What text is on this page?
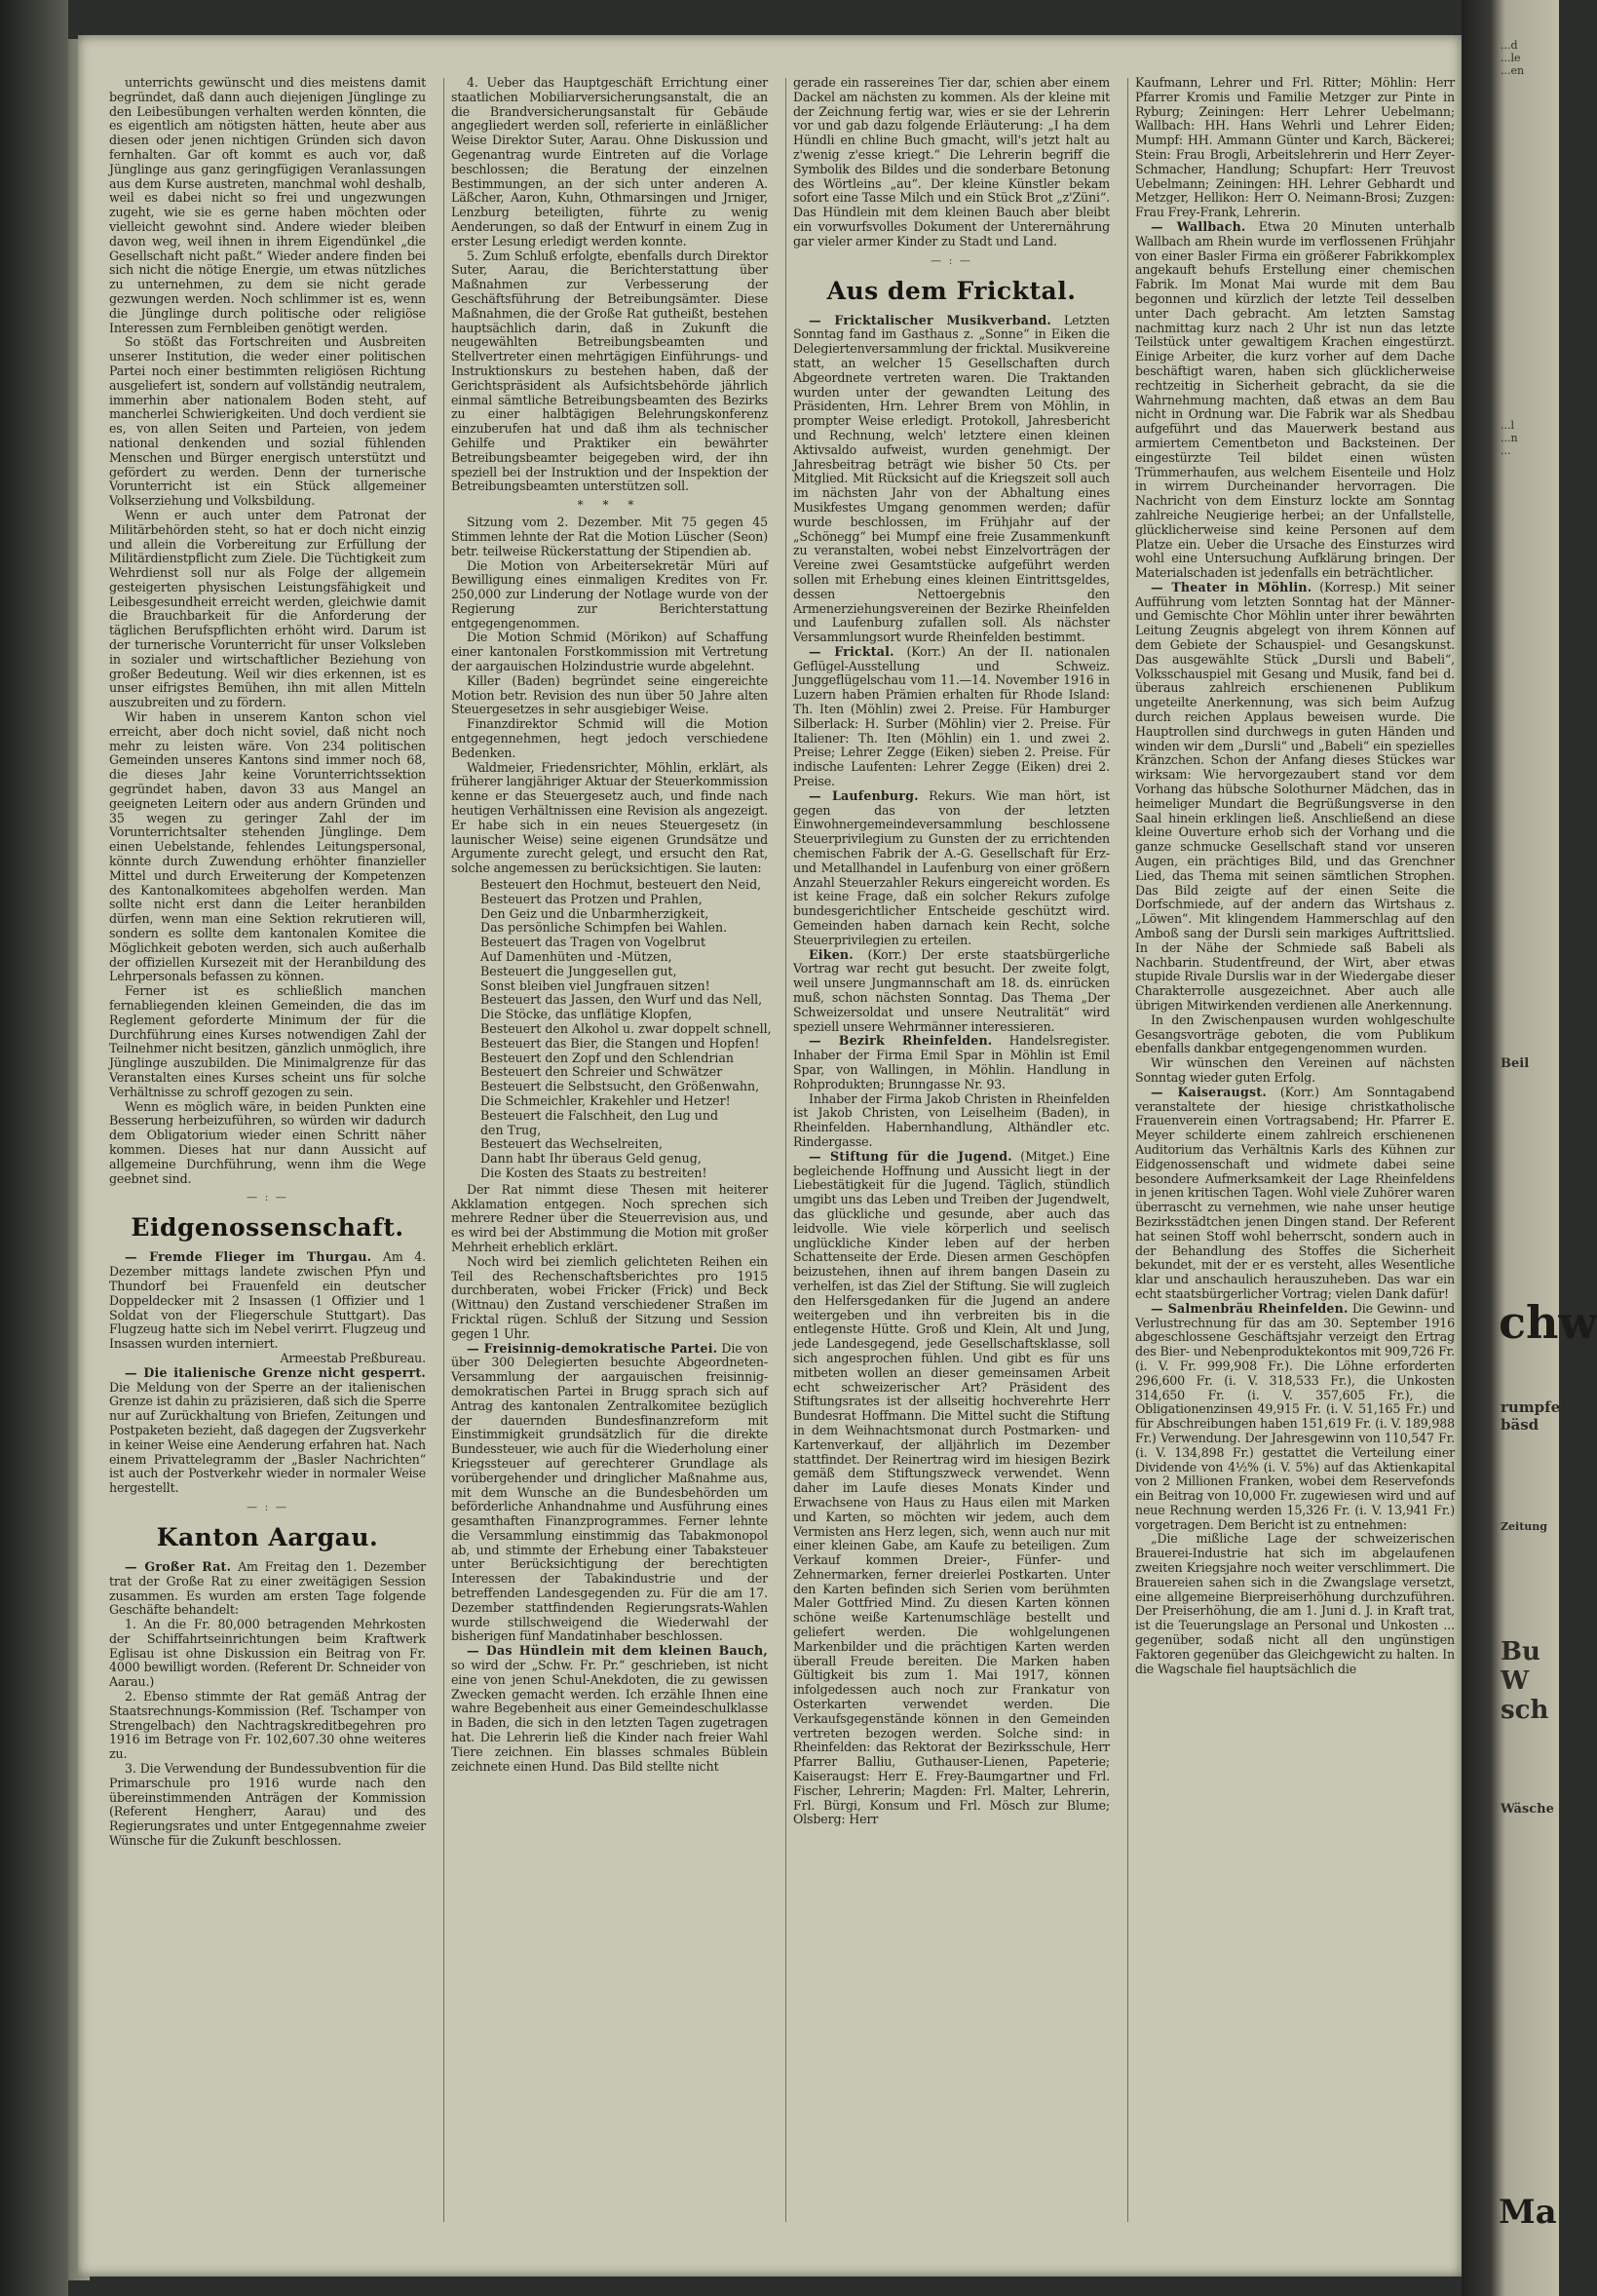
unterrichts gewünscht und dies meistens damit begründet, daß dann auch diejenigen Jünglinge zu den Leibesübungen verhalten werden könnten, die es eigentlich am nötigsten hätten, heute aber aus diesen oder jenen nichtigen Gründen sich davon fernhalten. Gar oft kommt es auch vor, daß Jünglinge aus ganz geringfügigen Veranlassungen aus dem Kurse austreten, manchmal wohl deshalb, weil es dabei nicht so frei und ungezwungen zugeht, wie sie es gerne haben möchten oder vielleicht gewohnt sind. Andere wieder bleiben davon weg, weil ihnen in ihrem Eigendünkel „die Gesellschaft nicht paßt.“ Wieder andere finden bei sich nicht die nötige Energie, um etwas nützliches zu unternehmen, zu dem sie nicht gerade gezwungen werden. Noch schlimmer ist es, wenn die Jünglinge durch politische oder religiöse Interessen zum Fernbleiben genötigt werden.

So stößt das Fortschreiten und Ausbreiten unserer Institution, die weder einer politischen Partei noch einer bestimmten religiösen Richtung ausgeliefert ist, sondern auf vollständig neutralem, immerhin aber nationalem Boden steht, auf mancherlei Schwierigkeiten. Und doch verdient sie es, von allen Seiten und Parteien, von jedem national denkenden und sozial fühlenden Menschen und Bürger energisch unterstützt und gefördert zu werden. Denn der turnerische Vorunterricht ist ein Stück allgemeiner Volkserziehung und Volksbildung.

Wenn er auch unter dem Patronat der Militärbehörden steht, so hat er doch nicht einzig und allein die Vorbereitung zur Erfüllung der Militärdienstpflicht zum Ziele. Die Tüchtigkeit zum Wehrdienst soll nur als Folge der allgemein gesteigerten physischen Leistungsfähigkeit und Leibesgesundheit erreicht werden, gleichwie damit die Brauchbarkeit für die Anforderung der täglichen Berufspflichten erhöht wird. Darum ist der turnerische Vorunterricht für unser Volksleben in sozialer und wirtschaftlicher Beziehung von großer Bedeutung. Weil wir dies erkennen, ist es unser eifrigstes Bemühen, ihn mit allen Mitteln auszubreiten und zu fördern.

Wir haben in unserem Kanton schon viel erreicht, aber doch nicht soviel, daß nicht noch mehr zu leisten wäre. Von 234 politischen Gemeinden unseres Kantons sind immer noch 68, die dieses Jahr keine Vorunterrichtssektion gegründet haben, davon 33 aus Mangel an geeigneten Leitern oder aus andern Gründen und 35 wegen zu geringer Zahl der im Vorunterrichtsalter stehenden Jünglinge. Dem einen Uebelstande, fehlendes Leitungspersonal, könnte durch Zuwendung erhöhter finanzieller Mittel und durch Erweiterung der Kompetenzen des Kantonalkomitees abgeholfen werden. Man sollte nicht erst dann die Leiter heranbilden dürfen, wenn man eine Sektion rekrutieren will, sondern es sollte dem kantonalen Komitee die Möglichkeit geboten werden, sich auch außerhalb der offiziellen Kursezeit mit der Heranbildung des Lehrpersonals befassen zu können.

Ferner ist es schließlich manchen fernabliegenden kleinen Gemeinden, die das im Reglement geforderte Minimum der für die Durchführung eines Kurses notwendigen Zahl der Teilnehmer nicht besitzen, gänzlich unmöglich, ihre Jünglinge auszubilden. Die Minimalgrenze für das Veranstalten eines Kurses scheint uns für solche Verhältnisse zu schroff gezogen zu sein.

Wenn es möglich wäre, in beiden Punkten eine Besserung herbeizuführen, so würden wir dadurch dem Obligatorium wieder einen Schritt näher kommen. Dieses hat nur dann Aussicht auf allgemeine Durchführung, wenn ihm die Wege geebnet sind.

— : —
Eidgenossenschaft.

— Fremde Flieger im Thurgau. Am 4. Dezember mittags landete zwischen Pfyn und Thundorf bei Frauenfeld ein deutscher Doppeldecker mit 2 Insassen (1 Offizier und 1 Soldat von der Fliegerschule Stuttgart). Das Flugzeug hatte sich im Nebel verirrt. Flugzeug und Insassen wurden interniert.

Armeestab Preßbureau.

— Die italienische Grenze nicht gesperrt. Die Meldung von der Sperre an der italienischen Grenze ist dahin zu präzisieren, daß sich die Sperre nur auf Zurückhaltung von Briefen, Zeitungen und Postpaketen bezieht, daß dagegen der Zugsverkehr in keiner Weise eine Aenderung erfahren hat. Nach einem Privattelegramm der „Basler Nachrichten“ ist auch der Postverkehr wieder in normaler Weise hergestellt.

— : —
Kanton Aargau.

— Großer Rat. Am Freitag den 1. Dezember trat der Große Rat zu einer zweitägigen Session zusammen. Es wurden am ersten Tage folgende Geschäfte behandelt:

1. An die Fr. 80,000 betragenden Mehrkosten der Schiffahrtseinrichtungen beim Kraftwerk Eglisau ist ohne Diskussion ein Beitrag von Fr. 4000 bewilligt worden. (Referent Dr. Schneider von Aarau.)

2. Ebenso stimmte der Rat gemäß Antrag der Staatsrechnungs-Kommission (Ref. Tschamper von Strengelbach) den Nachtragskreditbegehren pro 1916 im Betrage von Fr. 102,607.30 ohne weiteres zu.

3. Die Verwendung der Bundessubvention für die Primarschule pro 1916 wurde nach den übereinstimmenden Anträgen der Kommission (Referent Hengherr, Aarau) und des Regierungsrates und unter Entgegennahme zweier Wünsche für die Zukunft beschlossen.

4. Ueber das Hauptgeschäft Errichtung einer staatlichen Mobiliarversicherungsanstalt, die an die Brandversicherungsanstalt für Gebäude angegliedert werden soll, referierte in einläßlicher Weise Direktor Suter, Aarau. Ohne Diskussion und Gegenantrag wurde Eintreten auf die Vorlage beschlossen; die Beratung der einzelnen Bestimmungen, an der sich unter anderen A. Läßcher, Aaron, Kuhn, Othmarsingen und Jrniger, Lenzburg beteiligten, führte zu wenig Aenderungen, so daß der Entwurf in einem Zug in erster Lesung erledigt werden konnte.

5. Zum Schluß erfolgte, ebenfalls durch Direktor Suter, Aarau, die Berichterstattung über Maßnahmen zur Verbesserung der Geschäftsführung der Betreibungsämter. Diese Maßnahmen, die der Große Rat gutheißt, bestehen hauptsächlich darin, daß in Zukunft die neugewählten Betreibungsbeamten und Stellvertreter einen mehrtägigen Einführungs- und Instruktionskurs zu bestehen haben, daß der Gerichtspräsident als Aufsichtsbehörde jährlich einmal sämtliche Betreibungsbeamten des Bezirks zu einer halbtägigen Belehrungskonferenz einzuberufen hat und daß ihm als technischer Gehilfe und Praktiker ein bewährter Betreibungsbeamter beigegeben wird, der ihn speziell bei der Instruktion und der Inspektion der Betreibungsbeamten unterstützen soll.

* * *

Sitzung vom 2. Dezember. Mit 75 gegen 45 Stimmen lehnte der Rat die Motion Lüscher (Seon) betr. teilweise Rückerstattung der Stipendien ab.

Die Motion von Arbeitersekretär Müri auf Bewilligung eines einmaligen Kredites von Fr. 250,000 zur Linderung der Notlage wurde von der Regierung zur Berichterstattung entgegengenommen.

Die Motion Schmid (Mörikon) auf Schaffung einer kantonalen Forstkommission mit Vertretung der aargauischen Holzindustrie wurde abgelehnt.

Killer (Baden) begründet seine eingereichte Motion betr. Revision des nun über 50 Jahre alten Steuergesetzes in sehr ausgiebiger Weise.

Finanzdirektor Schmid will die Motion entgegennehmen, hegt jedoch verschiedene Bedenken.

Waldmeier, Friedensrichter, Möhlin, erklärt, als früherer langjähriger Aktuar der Steuerkommission kenne er das Steuergesetz auch, und finde nach heutigen Verhältnissen eine Revision als angezeigt. Er habe sich in ein neues Steuergesetz (in launischer Weise) seine eigenen Grundsätze und Argumente zurecht gelegt, und ersucht den Rat, solche angemessen zu berücksichtigen. Sie lauten:

Besteuert den Hochmut, besteuert den Neid,
Besteuert das Protzen und Prahlen,
Den Geiz und die Unbarmherzigkeit,
Das persönliche Schimpfen bei Wahlen.
Besteuert das Tragen von Vogelbrut
Auf Damenhüten und -Mützen,
Besteuert die Junggesellen gut,
Sonst bleiben viel Jungfrauen sitzen!
Besteuert das Jassen, den Wurf und das Nell,
Die Stöcke, das unflätige Klopfen,
Besteuert den Alkohol u. zwar doppelt schnell,
Besteuert das Bier, die Stangen und Hopfen!
Besteuert den Zopf und den Schlendrian
Besteuert den Schreier und Schwätzer
Besteuert die Selbstsucht, den Größenwahn,
Die Schmeichler, Krakehler und Hetzer!
Besteuert die Falschheit, den Lug und
den Trug,
Besteuert das Wechselreiten,
Dann habt Ihr überaus Geld genug,
Die Kosten des Staats zu bestreiten!

Der Rat nimmt diese Thesen mit heiterer Akklamation entgegen. Noch sprechen sich mehrere Redner über die Steuerrevision aus, und es wird bei der Abstimmung die Motion mit großer Mehrheit erheblich erklärt.

Noch wird bei ziemlich gelichteten Reihen ein Teil des Rechenschaftsberichtes pro 1915 durchberaten, wobei Fricker (Frick) und Beck (Wittnau) den Zustand verschiedener Straßen im Fricktal rügen. Schluß der Sitzung und Session gegen 1 Uhr.

— Freisinnig-demokratische Partei. Die von über 300 Delegierten besuchte Abgeordneten-Versammlung der aargauischen freisinnig-demokratischen Partei in Brugg sprach sich auf Antrag des kantonalen Zentralkomitee bezüglich der dauernden Bundesfinanzreform mit Einstimmigkeit grundsätzlich für die direkte Bundessteuer, wie auch für die Wiederholung einer Kriegssteuer auf gerechterer Grundlage als vorübergehender und dringlicher Maßnahme aus, mit dem Wunsche an die Bundesbehörden um beförderliche Anhandnahme und Ausführung eines gesamthaften Finanzprogrammes. Ferner lehnte die Versammlung einstimmig das Tabakmonopol ab, und stimmte der Erhebung einer Tabaksteuer unter Berücksichtigung der berechtigten Interessen der Tabakindustrie und der betreffenden Landesgegenden zu. Für die am 17. Dezember stattfindenden Regierungsrats-Wahlen wurde stillschweigend die Wiederwahl der bisherigen fünf Mandatinhaber beschlossen.

— Das Hündlein mit dem kleinen Bauch, so wird der „Schw. Fr. Pr.“ geschrieben, ist nicht eine von jenen Schul-Anekdoten, die zu gewissen Zwecken gemacht werden. Ich erzähle Ihnen eine wahre Begebenheit aus einer Gemeindeschulklasse in Baden, die sich in den letzten Tagen zugetragen hat. Die Lehrerin ließ die Kinder nach freier Wahl Tiere zeichnen. Ein blasses schmales Büblein zeichnete einen Hund. Das Bild stellte nicht

gerade ein rassereines Tier dar, schien aber einem Dackel am nächsten zu kommen. Als der kleine mit der Zeichnung fertig war, wies er sie der Lehrerin vor und gab dazu folgende Erläuterung: „I ha dem Hündli en chline Buch gmacht, will's jetzt halt au z'wenig z'esse kriegt.“ Die Lehrerin begriff die Symbolik des Bildes und die sonderbare Betonung des Wörtleins „au“. Der kleine Künstler bekam sofort eine Tasse Milch und ein Stück Brot „z'Züni“. Das Hündlein mit dem kleinen Bauch aber bleibt ein vorwurfsvolles Dokument der Unterernährung gar vieler armer Kinder zu Stadt und Land.

— : —
Aus dem Fricktal.

— Fricktalischer Musikverband. Letzten Sonntag fand im Gasthaus z. „Sonne“ in Eiken die Delegiertenversammlung der fricktal. Musikvereine statt, an welcher 15 Gesellschaften durch Abgeordnete vertreten waren. Die Traktanden wurden unter der gewandten Leitung des Präsidenten, Hrn. Lehrer Brem von Möhlin, in prompter Weise erledigt. Protokoll, Jahresbericht und Rechnung, welch' letztere einen kleinen Aktivsaldo aufweist, wurden genehmigt. Der Jahresbeitrag beträgt wie bisher 50 Cts. per Mitglied. Mit Rücksicht auf die Kriegszeit soll auch im nächsten Jahr von der Abhaltung eines Musikfestes Umgang genommen werden; dafür wurde beschlossen, im Frühjahr auf der „Schönegg“ bei Mumpf eine freie Zusammenkunft zu veranstalten, wobei nebst Einzelvorträgen der Vereine zwei Gesamtstücke aufgeführt werden sollen mit Erhebung eines kleinen Eintrittsgeldes, dessen Nettoergebnis den Armenerziehungsvereinen der Bezirke Rheinfelden und Laufenburg zufallen soll. Als nächster Versammlungsort wurde Rheinfelden bestimmt.

— Fricktal. (Korr.) An der II. nationalen Geflügel-Ausstellung und Schweiz. Junggeflügelschau vom 11.—14. November 1916 in Luzern haben Prämien erhalten für Rhode Island: Th. Iten (Möhlin) zwei 2. Preise. Für Hamburger Silberlack: H. Surber (Möhlin) vier 2. Preise. Für Italiener: Th. Iten (Möhlin) ein 1. und zwei 2. Preise; Lehrer Zegge (Eiken) sieben 2. Preise. Für indische Laufenten: Lehrer Zegge (Eiken) drei 2. Preise.

— Laufenburg. Rekurs. Wie man hört, ist gegen das von der letzten Einwohnergemeindeversammlung beschlossene Steuerprivilegium zu Gunsten der zu errichtenden chemischen Fabrik der A.-G. Gesellschaft für Erz- und Metallhandel in Laufenburg von einer größern Anzahl Steuerzahler Rekurs eingereicht worden. Es ist keine Frage, daß ein solcher Rekurs zufolge bundesgerichtlicher Entscheide geschützt wird. Gemeinden haben darnach kein Recht, solche Steuerprivilegien zu erteilen.

Eiken. (Korr.) Der erste staatsbürgerliche Vortrag war recht gut besucht. Der zweite folgt, weil unsere Jungmannschaft am 18. ds. einrücken muß, schon nächsten Sonntag. Das Thema „Der Schweizersoldat und unsere Neutralität“ wird speziell unsere Wehrmänner interessieren.

— Bezirk Rheinfelden. Handelsregister. Inhaber der Firma Emil Spar in Möhlin ist Emil Spar, von Wallingen, in Möhlin. Handlung in Rohprodukten; Brunngasse Nr. 93.

Inhaber der Firma Jakob Christen in Rheinfelden ist Jakob Christen, von Leiselheim (Baden), in Rheinfelden. Habernhandlung, Althändler etc. Rindergasse.

— Stiftung für die Jugend. (Mitget.) Eine begleichende Hoffnung und Aussicht liegt in der Liebestätigkeit für die Jugend. Täglich, stündlich umgibt uns das Leben und Treiben der Jugendwelt, das glückliche und gesunde, aber auch das leidvolle. Wie viele körperlich und seelisch unglückliche Kinder leben auf der herben Schattenseite der Erde. Diesen armen Geschöpfen beizustehen, ihnen auf ihrem bangen Dasein zu verhelfen, ist das Ziel der Stiftung. Sie will zugleich den Helfersgedanken für die Jugend an andere weitergeben und ihn verbreiten bis in die entlegenste Hütte. Groß und Klein, Alt und Jung, jede Landesgegend, jede Gesellschaftsklasse, soll sich angesprochen fühlen. Und gibt es für uns mitbeten wollen an dieser gemeinsamen Arbeit echt schweizerischer Art? Präsident des Stiftungsrates ist der allseitig hochverehrte Herr Bundesrat Hoffmann. Die Mittel sucht die Stiftung in dem Weihnachtsmonat durch Postmarken- und Kartenverkauf, der alljährlich im Dezember stattfindet. Der Reinertrag wird im hiesigen Bezirk gemäß dem Stiftungszweck verwendet. Wenn daher im Laufe dieses Monats Kinder und Erwachsene von Haus zu Haus eilen mit Marken und Karten, so möchten wir jedem, auch dem Vermisten ans Herz legen, sich, wenn auch nur mit einer kleinen Gabe, am Kaufe zu beteiligen. Zum Verkauf kommen Dreier-, Fünfer- und Zehnermarken, ferner dreierlei Postkarten. Unter den Karten befinden sich Serien vom berühmten Maler Gottfried Mind. Zu diesen Karten können schöne weiße Kartenumschläge bestellt und geliefert werden. Die wohlgelungenen Markenbilder und die prächtigen Karten werden überall Freude bereiten. Die Marken haben Gültigkeit bis zum 1. Mai 1917, können infolgedessen auch noch zur Frankatur von Osterkarten verwendet werden. Die Verkaufsgegenstände können in den Gemeinden vertreten bezogen werden. Solche sind: in Rheinfelden: das Rektorat der Bezirksschule, Herr Pfarrer Balliu, Guthauser-Lienen, Papeterie; Kaiseraugst: Herr E. Frey-Baumgartner und Frl. Fischer, Lehrerin; Magden: Frl. Malter, Lehrerin, Frl. Bürgi, Konsum und Frl. Mösch zur Blume; Olsberg: Herr

Kaufmann, Lehrer und Frl. Ritter; Möhlin: Herr Pfarrer Kromis und Familie Metzger zur Pinte in Ryburg; Zeiningen: Herr Lehrer Uebelmann; Wallbach: HH. Hans Wehrli und Lehrer Eiden; Mumpf: HH. Ammann Günter und Karch, Bäckerei; Stein: Frau Brogli, Arbeitslehrerin und Herr Zeyer-Schmacher, Handlung; Schupfart: Herr Treuvost Uebelmann; Zeiningen: HH. Lehrer Gebhardt und Metzger, Hellikon: Herr O. Neimann-Brosi; Zuzgen: Frau Frey-Frank, Lehrerin.

— Wallbach. Etwa 20 Minuten unterhalb Wallbach am Rhein wurde im verflossenen Frühjahr von einer Basler Firma ein größerer Fabrikkomplex angekauft behufs Erstellung einer chemischen Fabrik. Im Monat Mai wurde mit dem Bau begonnen und kürzlich der letzte Teil desselben unter Dach gebracht. Am letzten Samstag nachmittag kurz nach 2 Uhr ist nun das letzte Teilstück unter gewaltigem Krachen eingestürzt. Einige Arbeiter, die kurz vorher auf dem Dache beschäftigt waren, haben sich glücklicherweise rechtzeitig in Sicherheit gebracht, da sie die Wahrnehmung machten, daß etwas an dem Bau nicht in Ordnung war. Die Fabrik war als Shedbau aufgeführt und das Mauerwerk bestand aus armiertem Cementbeton und Backsteinen. Der eingestürzte Teil bildet einen wüsten Trümmerhaufen, aus welchem Eisenteile und Holz in wirrem Durcheinander hervorragen. Die Nachricht von dem Einsturz lockte am Sonntag zahlreiche Neugierige herbei; an der Unfallstelle, glücklicherweise sind keine Personen auf dem Platze ein. Ueber die Ursache des Einsturzes wird wohl eine Untersuchung Aufklärung bringen. Der Materialschaden ist jedenfalls ein beträchtlicher.

— Theater in Möhlin. (Korresp.) Mit seiner Aufführung vom letzten Sonntag hat der Männer- und Gemischte Chor Möhlin unter ihrer bewährten Leitung Zeugnis abgelegt von ihrem Können auf dem Gebiete der Schauspiel- und Gesangskunst. Das ausgewählte Stück „Dursli und Babeli“, Volksschauspiel mit Gesang und Musik, fand bei d. überaus zahlreich erschienenen Publikum ungeteilte Anerkennung, was sich beim Aufzug durch reichen Applaus beweisen wurde. Die Hauptrollen sind durchwegs in guten Händen und winden wir dem „Dursli“ und „Babeli“ ein spezielles Kränzchen. Schon der Anfang dieses Stückes war wirksam: Wie hervorgezaubert stand vor dem Vorhang das hübsche Solothurner Mädchen, das in heimeliger Mundart die Begrüßungsverse in den Saal hinein erklingen ließ. Anschließend an diese kleine Ouverture erhob sich der Vorhang und die ganze schmucke Gesellschaft stand vor unseren Augen, ein prächtiges Bild, und das Grenchner Lied, das Thema mit seinen sämtlichen Strophen. Das Bild zeigte auf der einen Seite die Dorfschmiede, auf der andern das Wirtshaus z. „Löwen“. Mit klingendem Hammerschlag auf den Amboß sang der Dursli sein markiges Auftrittslied. In der Nähe der Schmiede saß Babeli als Nachbarin. Studentfreund, der Wirt, aber etwas stupide Rivale Durslis war in der Wiedergabe dieser Charakterrolle ausgezeichnet. Aber auch alle übrigen Mitwirkenden verdienen alle Anerkennung.

In den Zwischenpausen wurden wohlgeschulte Gesangsvorträge geboten, die vom Publikum ebenfalls dankbar entgegengenommen wurden.

Wir wünschen den Vereinen auf nächsten Sonntag wieder guten Erfolg.

— Kaiseraugst. (Korr.) Am Sonntagabend veranstaltete der hiesige christkatholische Frauenverein einen Vortragsabend; Hr. Pfarrer E. Meyer schilderte einem zahlreich erschienenen Auditorium das Verhältnis Karls des Kühnen zur Eidgenossenschaft und widmete dabei seine besondere Aufmerksamkeit der Lage Rheinfeldens in jenen kritischen Tagen. Wohl viele Zuhörer waren überrascht zu vernehmen, wie nahe unser heutige Bezirksstädtchen jenen Dingen stand. Der Referent hat seinen Stoff wohl beherrscht, sondern auch in der Behandlung des Stoffes die Sicherheit bekundet, mit der er es versteht, alles Wesentliche klar und anschaulich herauszuheben. Das war ein echt staatsbürgerlicher Vortrag; vielen Dank dafür!

— Salmenbräu Rheinfelden. Die Gewinn- und Verlustrechnung für das am 30. September 1916 abgeschlossene Geschäftsjahr verzeigt den Ertrag des Bier- und Nebenproduktekontos mit 909,726 Fr. (i. V. Fr. 999,908 Fr.). Die Löhne erforderten 296,600 Fr. (i. V. 318,533 Fr.), die Unkosten 314,650 Fr. (i. V. 357,605 Fr.), die Obligationenzinsen 49,915 Fr. (i. V. 51,165 Fr.) und für Abschreibungen haben 151,619 Fr. (i. V. 189,988 Fr.) Verwendung. Der Jahresgewinn von 110,547 Fr. (i. V. 134,898 Fr.) gestattet die Verteilung einer Dividende von 4½% (i. V. 5%) auf das Aktienkapital von 2 Millionen Franken, wobei dem Reservefonds ein Beitrag von 10,000 Fr. zugewiesen wird und auf neue Rechnung werden 15,326 Fr. (i. V. 13,941 Fr.) vorgetragen. Dem Bericht ist zu entnehmen:

„Die mißliche Lage der schweizerischen Brauerei-Industrie hat sich im abgelaufenen zweiten Kriegsjahre noch weiter verschlimmert. Die Brauereien sahen sich in die Zwangslage versetzt, eine allgemeine Bierpreiserhöhung durchzuführen. Der Preiserhöhung, die am 1. Juni d. J. in Kraft trat, ist die Teuerungslage an Personal und Unkosten ... gegenüber, sodaß nicht all den ungünstigen Faktoren gegenüber das Gleichgewicht zu halten. In die Wagschale fiel hauptsächlich die

...d
...le
...en
...l
...n
...
Beil
chw
rumpfel
bäsd
Zeitung
Bu
W
sch
Wäsche
Ma
